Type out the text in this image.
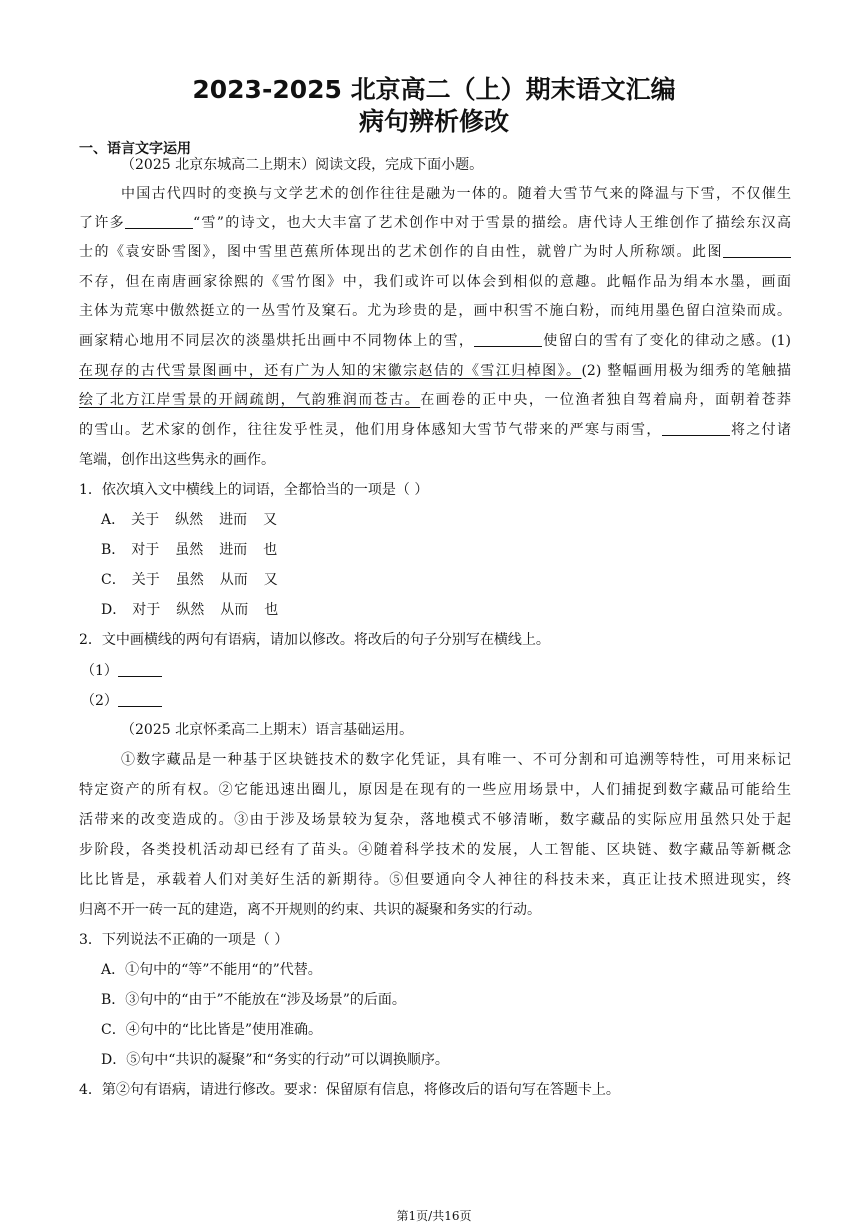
2023-2025 北京高二（上）期末语文汇编
病句辨析修改
一、语言文字运用
（2025 北京东城高二上期末）阅读文段，完成下面小题。
中国古代四时的变换与文学艺术的创作往往是融为一体的。随着大雪节气来的降温与下雪，不仅催生
了许多	“雪”的诗文，也大大丰富了艺术创作中对于雪景的描绘。唐代诗人王维创作了描绘东汉高
士的《袁安卧雪图》，图中雪里芭蕉所体现出的艺术创作的自由性，就曾广为时人所称颂。此图
不存，但在南唐画家徐熙的《雪竹图》中，我们或许可以体会到相似的意趣。此幅作品为绢本水墨，画面
主体为荒寒中傲然挺立的一丛雪竹及窠石。尤为珍贵的是，画中积雪不施白粉，而纯用墨色留白渲染而成。
画家精心地用不同层次的淡墨烘托出画中不同物体上的雪，	使留白的雪有了变化的律动之感。(1)
在现存的古代雪景图画中，还有广为人知的宋徽宗赵佶的《雪江归棹图》。(2) 整幅画用极为细秀的笔触描
绘了北方江岸雪景的开阔疏朗，气韵雅润而苍古。在画卷的正中央，一位渔者独自驾着扁舟，面朝着苍莽
的雪山。艺术家的创作，往往发乎性灵，他们用身体感知大雪节气带来的严寒与雨雪，	将之付诸
笔端，创作出这些隽永的画作。
1．依次填入文中横线上的词语，全都恰当的一项是（ ）
A． 关于 纵然 进而 又
B． 对于 虽然 进而 也
C． 关于 虽然 从而 又
D． 对于 纵然 从而 也
2．文中画横线的两句有语病，请加以修改。将改后的句子分别写在横线上。
（1）
（2）
（2025 北京怀柔高二上期末）语言基础运用。
①数字藏品是一种基于区块链技术的数字化凭证，具有唯一、不可分割和可追溯等特性，可用来标记
特定资产的所有权。②它能迅速出圈儿，原因是在现有的一些应用场景中，人们捕捉到数字藏品可能给生
活带来的改变造成的。③由于涉及场景较为复杂，落地模式不够清晰，数字藏品的实际应用虽然只处于起
步阶段，各类投机活动却已经有了苗头。④随着科学技术的发展，人工智能、区块链、数字藏品等新概念
比比皆是，承载着人们对美好生活的新期待。⑤但要通向令人神往的科技未来，真正让技术照进现实，终
归离不开一砖一瓦的建造，离不开规则的约束、共识的凝聚和务实的行动。
3．下列说法不正确的一项是（ ）
A．①句中的“等”不能用“的”代替。
B．③句中的“由于”不能放在“涉及场景”的后面。
C．④句中的“比比皆是”使用准确。
D．⑤句中“共识的凝聚”和“务实的行动”可以调换顺序。
4．第②句有语病，请进行修改。要求：保留原有信息，将修改后的语句写在答题卡上。
第1页/共16页
